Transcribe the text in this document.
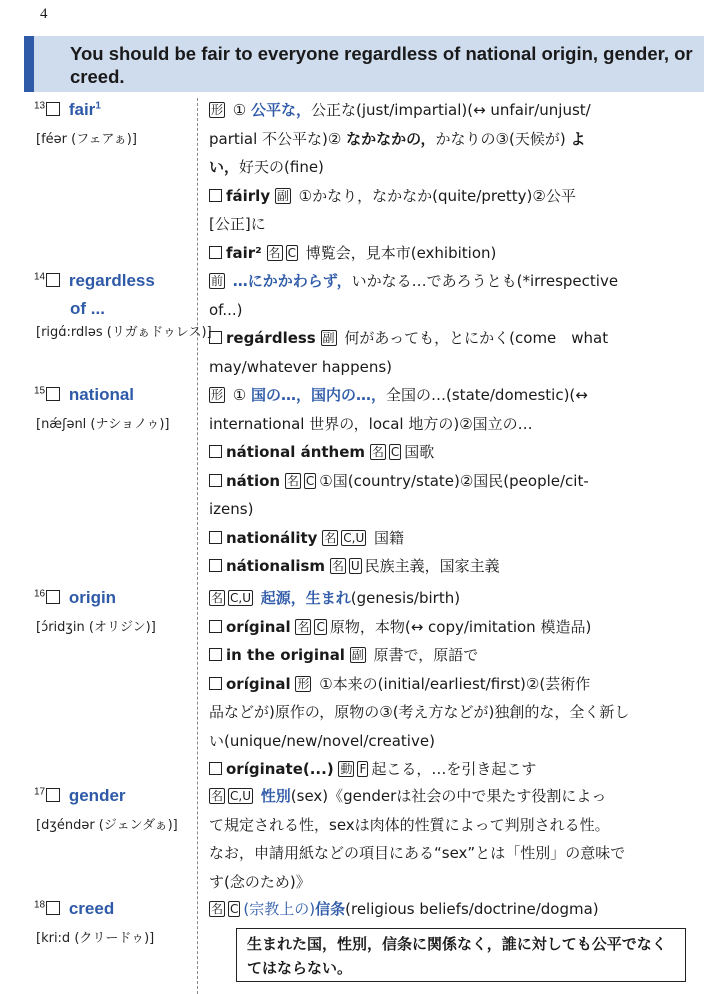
4
You should be fair to everyone regardless of national origin, gender, or creed.
$^{13}$ fair$^1$
[féər (フェアぁ)]
形 ① 公平な，公正な(just/impartial)(↔ unfair/unjust/
partial 不公平な)② なかなかの，かなりの③(天候が) よ
い，好天の(fine)
fáirly 副 ①かなり，なかなか(quite/pretty)②公平
[公正]に
fair² 名 C 博覧会，見本市(exhibition)
$^{14}$ regardless
of ...
[rigɑ́:rdləs (リガぁドゥレス)]
前 …にかかわらず，いかなる…であろうとも(*irrespective
of...)
regárdless 副 何があっても，とにかく(come　what
may/whatever happens)
$^{15}$ national
[nǽʃənl (ナショノゥ)]
形 ① 国の…，国内の…，全国の…(state/domestic)(↔
international 世界の，local 地方の)②国立の…
nátional ánthem 名 C 国歌
nátion 名 C ①国(country/state)②国民(people/cit-
izens)
nationálity 名 C,U 国籍
nátionalism 名 U 民族主義，国家主義
$^{16}$ origin
[ɔ́ridʒin (オリジン)]
名 C,U 起源，生まれ(genesis/birth)
oríginal 名 C 原物，本物(↔ copy/imitation 模造品)
in the original 副 原書で，原語で
oríginal 形 ①本来の(initial/earliest/first)②(芸術作
品などが)原作の，原物の③(考え方などが)独創的な，全く新し
い(unique/new/novel/creative)
oríginate(...) 動 F 起こる，…を引き起こす
$^{17}$ gender
[dʒéndər (ジェンダぁ)]
名 C,U 性別(sex)《genderは社会の中で果たす役割によっ
て規定される性，sexは肉体的性質によって判別される性。
なお，申請用紙などの項目にある“sex”とは「性別」の意味で
す(念のため)》
$^{18}$ creed
[kri:d (クリードゥ)]
名 C (宗教上の)信条(religious beliefs/doctrine/dogma)
生まれた国，性別，信条に関係なく，誰に対しても公平でなくてはならない。
